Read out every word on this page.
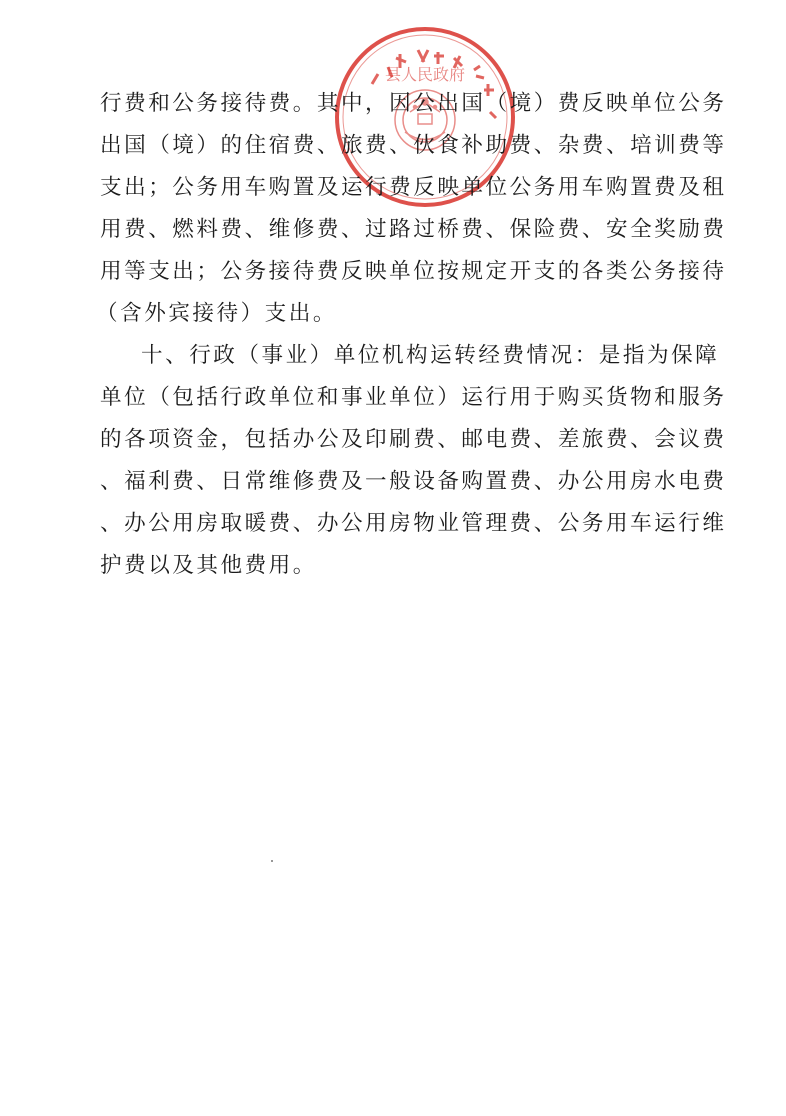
县人民政府
行费和公务接待费。其中，因公出国（境）费反映单位公务
出国（境）的住宿费、旅费、伙食补助费、杂费、培训费等
支出；公务用车购置及运行费反映单位公务用车购置费及租
用费、燃料费、维修费、过路过桥费、保险费、安全奖励费
用等支出；公务接待费反映单位按规定开支的各类公务接待
（含外宾接待）支出。
十、行政（事业）单位机构运转经费情况：是指为保障
单位（包括行政单位和事业单位）运行用于购买货物和服务
的各项资金，包括办公及印刷费、邮电费、差旅费、会议费
、福利费、日常维修费及一般设备购置费、办公用房水电费
、办公用房取暖费、办公用房物业管理费、公务用车运行维
护费以及其他费用。
